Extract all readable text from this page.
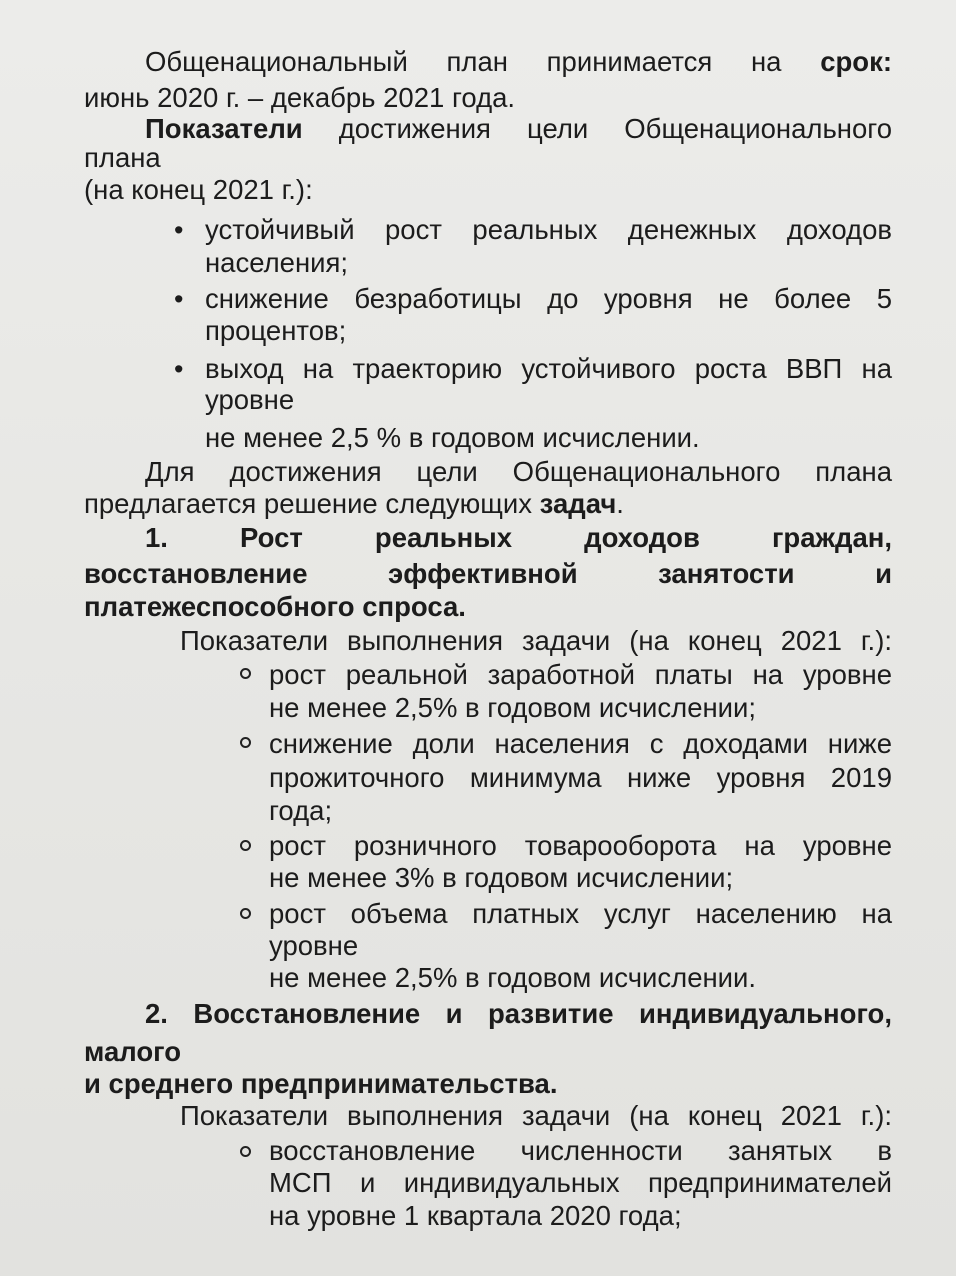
Общенациональный план принимается на срок:

июнь 2020 г. – декабрь 2021 года.

Показатели достижения цели Общенационального

плана

(на конец 2021 г.):

• устойчивый рост реальных денежных доходов

населения;

• снижение безработицы до уровня не более 5

процентов;

• выход на траекторию устойчивого роста ВВП на

уровне

не менее 2,5 % в годовом исчислении.

Для достижения цели Общенационального плана

предлагается решение следующих задач.

1. Рост реальных доходов граждан,

восстановление эффективной занятости и

платежеспособного спроса.

Показатели выполнения задачи (на конец 2021 г.):

рост реальной заработной платы на уровне

не менее 2,5% в годовом исчислении;

снижение доли населения с доходами ниже

прожиточного минимума ниже уровня 2019

года;

рост розничного товарооборота на уровне

не менее 3% в годовом исчислении;

рост объема платных услуг населению на

уровне

не менее 2,5% в годовом исчислении.

2. Восстановление и развитие индивидуального,

малого

и среднего предпринимательства.

Показатели выполнения задачи (на конец 2021 г.):

восстановление численности занятых в

МСП и индивидуальных предпринимателей

на уровне 1 квартала 2020 года;
